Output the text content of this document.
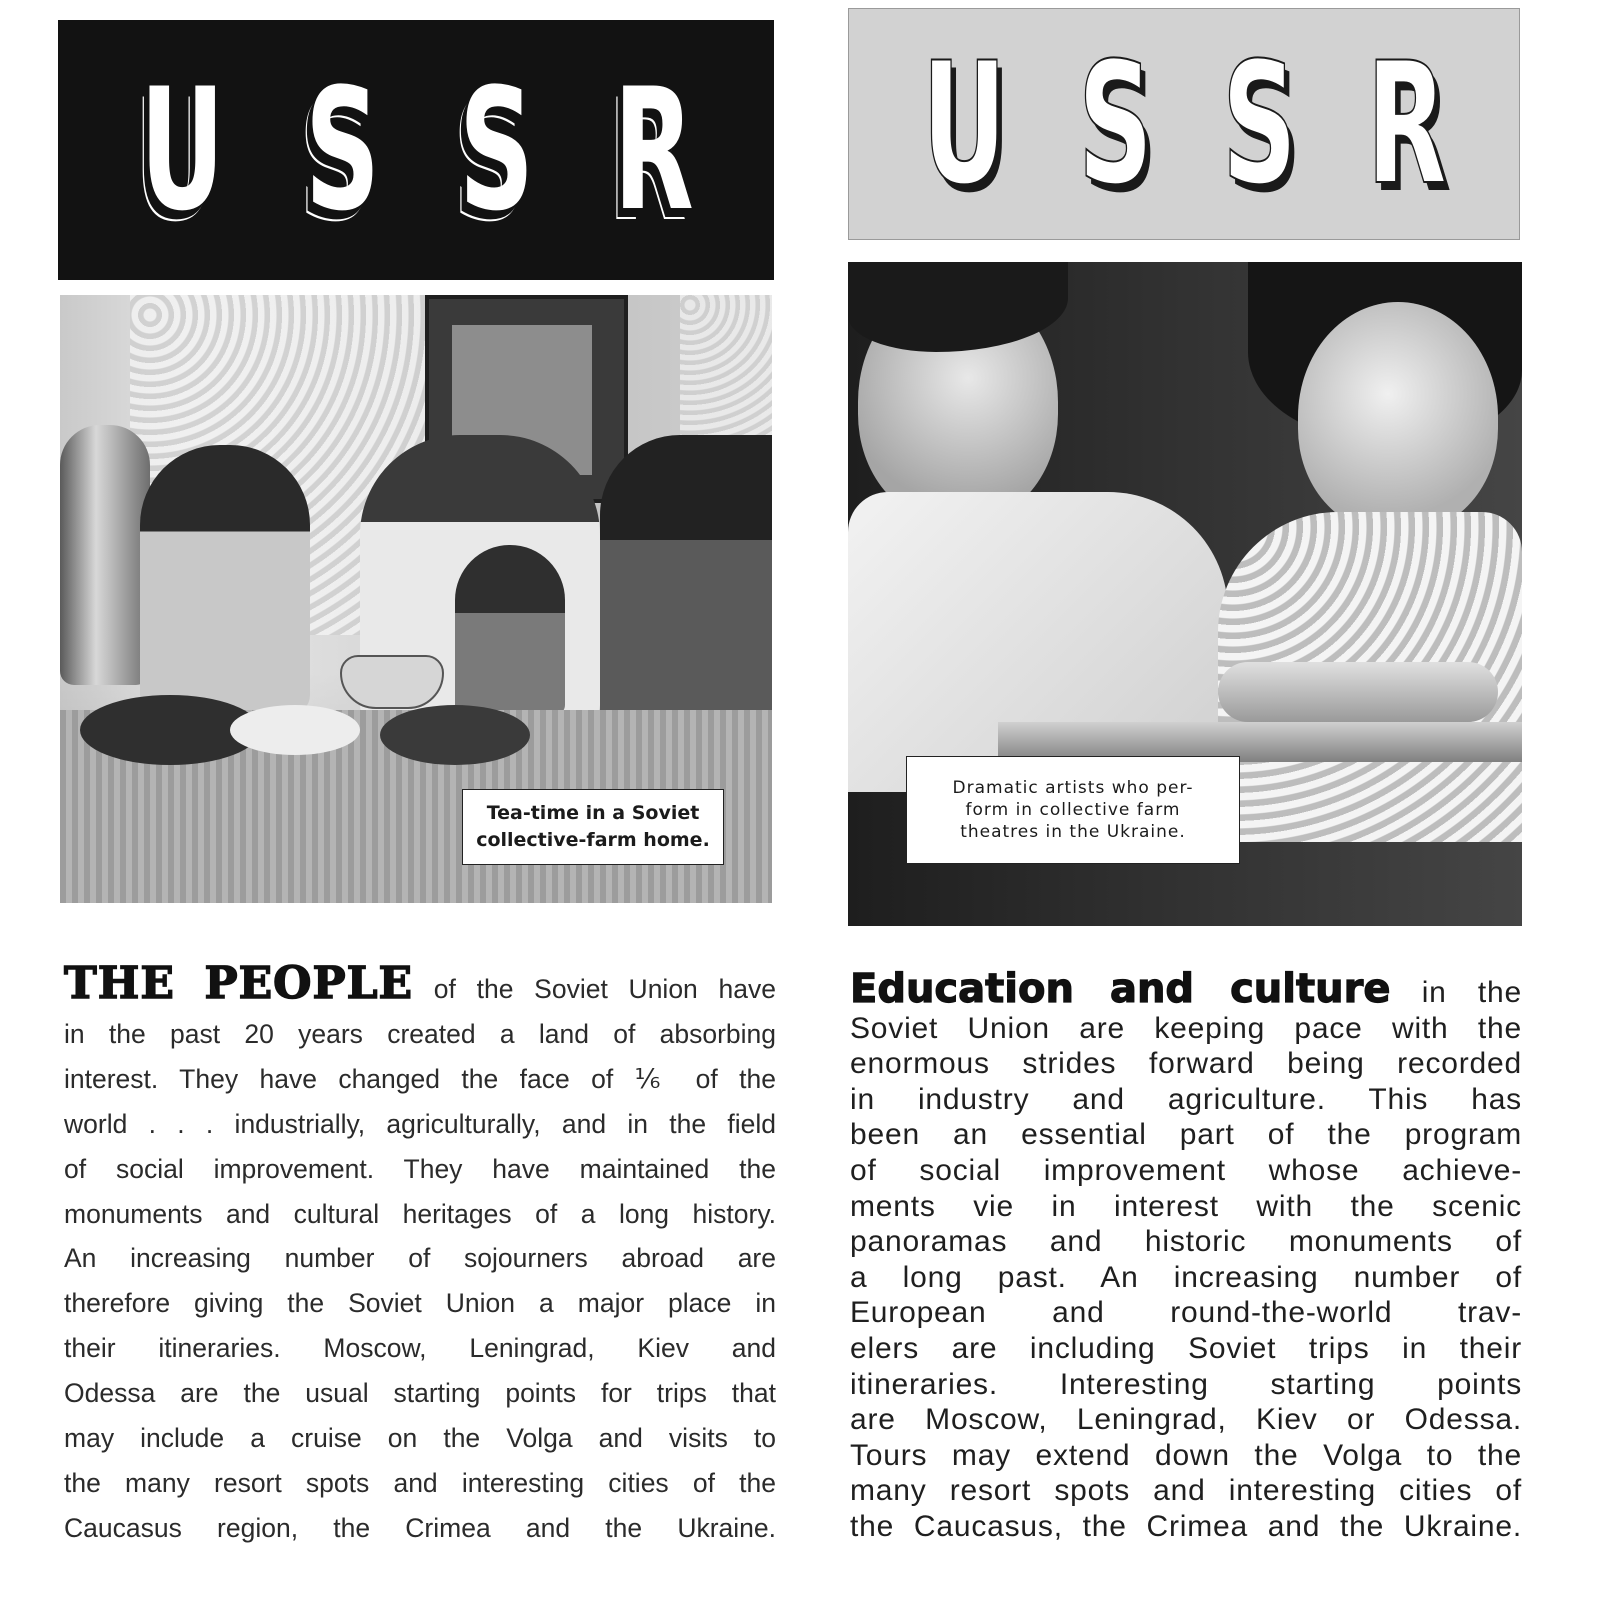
U S S R
Tea-time in a Soviet
collective-farm home.
THE PEOPLE of the Soviet Union have
in the past 20 years created a land of absorbing
interest. They have changed the face of ⅙ of the
world . . . industrially, agriculturally, and in the field
of social improvement. They have maintained the
monuments and cultural heritages of a long history.
An increasing number of sojourners abroad are
therefore giving the Soviet Union a major place in
their itineraries. Moscow, Leningrad, Kiev and
Odessa are the usual starting points for trips that
may include a cruise on the Volga and visits to
the many resort spots and interesting cities of the
Caucasus region, the Crimea and the Ukraine.
U S S R
Dramatic artists who per-
form in collective farm
theatres in the Ukraine.
Education and culture in the
Soviet Union are keeping pace with the
enormous strides forward being recorded
in industry and agriculture. This has
been an essential part of the program
of social improvement whose achieve-
ments vie in interest with the scenic
panoramas and historic monuments of
a long past. An increasing number of
European and round-the-world trav-
elers are including Soviet trips in their
itineraries. Interesting starting points
are Moscow, Leningrad, Kiev or Odessa.
Tours may extend down the Volga to the
many resort spots and interesting cities of
the Caucasus, the Crimea and the Ukraine.
